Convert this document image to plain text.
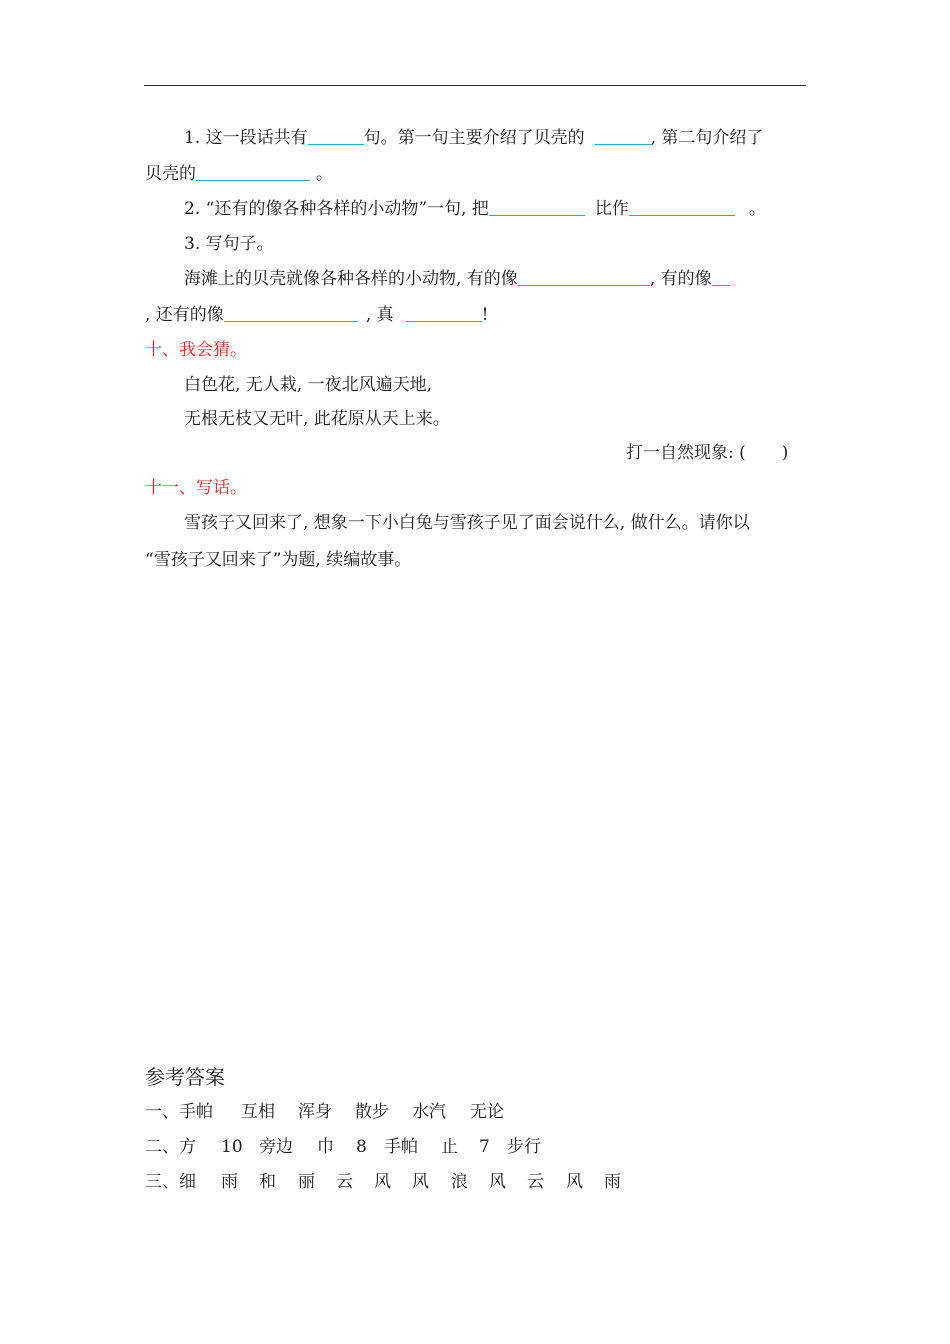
1. 这一段话共有	句。第一句主要介绍了贝壳的	, 第二句介绍了
贝壳的	。
2. “还有的像各种各样的小动物”一句, 把	比作	。
3. 写句子。
海滩上的贝壳就像各种各样的小动物, 有的像	, 有的像
, 还有的像	, 真	!
十、我会猜。
白色花, 无人栽, 一夜北风遍天地,
无根无枝又无叶, 此花原从天上来。
打一自然现象: ( )
十一、写话。
雪孩子又回来了, 想象一下小白兔与雪孩子见了面会说什么, 做什么。请你以
“雪孩子又回来了”为题, 续编故事。
参考答案
一、手帕 互相 浑身 散步 水汽 无论
二、方 10 旁边 巾 8 手帕 止 7 步行
三、细 雨 和 丽 云 风 风 浪 风 云 风 雨
